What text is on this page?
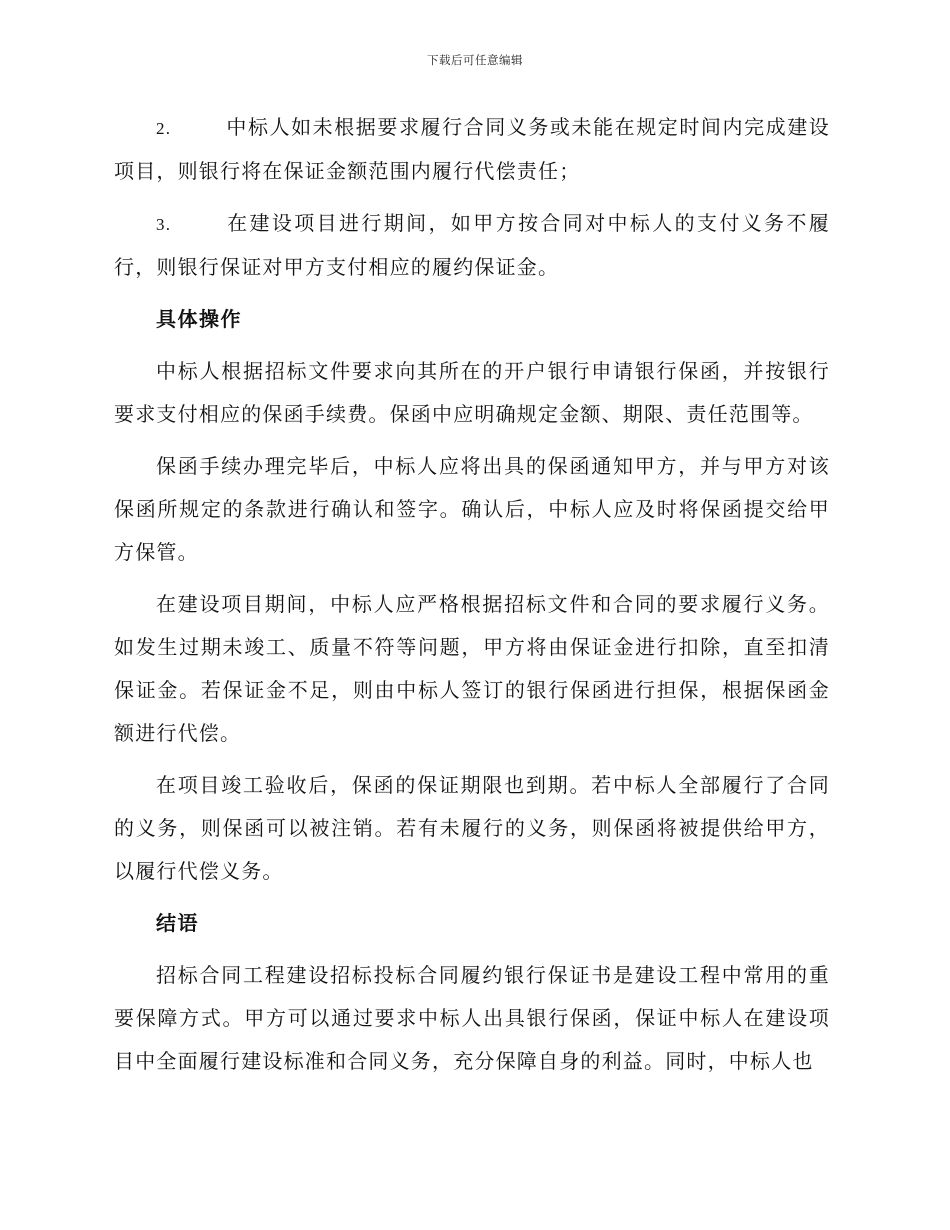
下载后可任意编辑

2.	中标人如未根据要求履行合同义务或未能在规定时间内完成建设项目，则银行将在保证金额范围内履行代偿责任；

3.	在建设项目进行期间，如甲方按合同对中标人的支付义务不履行，则银行保证对甲方支付相应的履约保证金。

具体操作

中标人根据招标文件要求向其所在的开户银行申请银行保函，并按银行要求支付相应的保函手续费。保函中应明确规定金额、期限、责任范围等。

保函手续办理完毕后，中标人应将出具的保函通知甲方，并与甲方对该保函所规定的条款进行确认和签字。确认后，中标人应及时将保函提交给甲方保管。

在建设项目期间，中标人应严格根据招标文件和合同的要求履行义务。如发生过期未竣工、质量不符等问题，甲方将由保证金进行扣除，直至扣清保证金。若保证金不足，则由中标人签订的银行保函进行担保，根据保函金额进行代偿。

在项目竣工验收后，保函的保证期限也到期。若中标人全部履行了合同的义务，则保函可以被注销。若有未履行的义务，则保函将被提供给甲方，以履行代偿义务。

结语

招标合同工程建设招标投标合同履约银行保证书是建设工程中常用的重要保障方式。甲方可以通过要求中标人出具银行保函，保证中标人在建设项目中全面履行建设标准和合同义务，充分保障自身的利益。同时，中标人也
